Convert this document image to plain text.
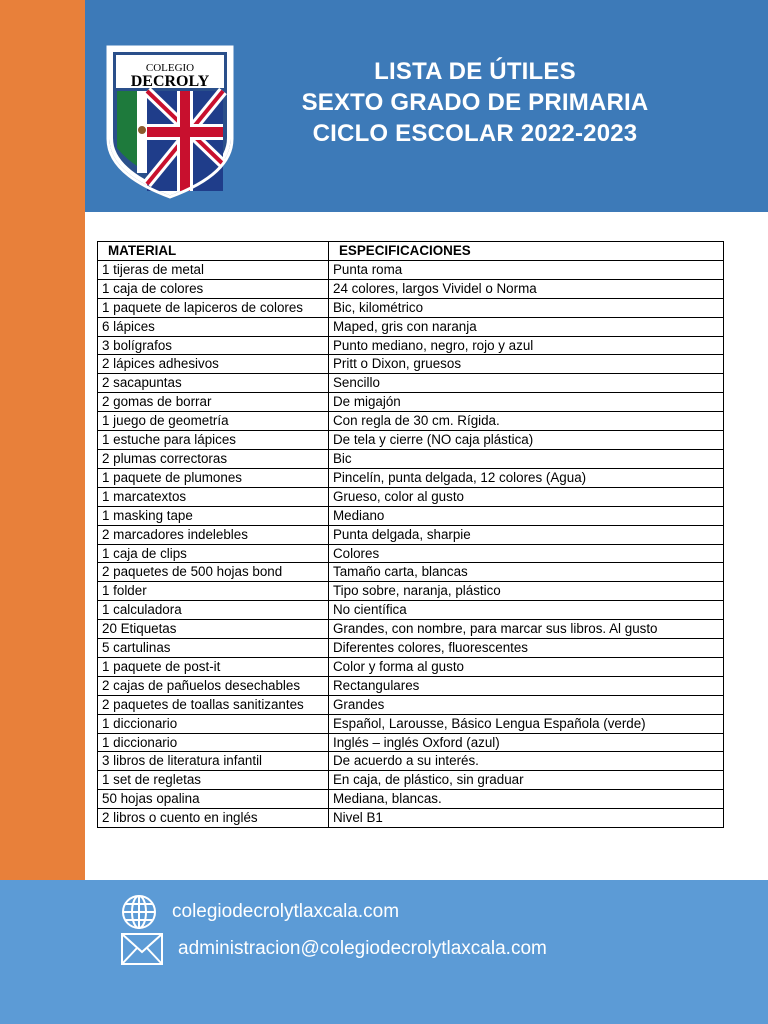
COLEGIO
DECROLY	LISTA DE ÚTILES
SEXTO GRADO DE PRIMARIA
CICLO ESCOLAR 2022-2023
MATERIAL	ESPECIFICACIONES
1 tijeras de metal	Punta roma
1 caja de colores	24 colores, largos Vividel o Norma
1 paquete de lapiceros de colores	Bic, kilométrico
6 lápices	Maped, gris con naranja
3 bolígrafos	Punto mediano, negro, rojo y azul
2 lápices adhesivos	Pritt o Dixon, gruesos
2 sacapuntas	Sencillo
2 gomas de borrar	De migajón
1 juego de geometría	Con regla de 30 cm. Rígida.
1 estuche para lápices	De tela y cierre (NO caja plástica)
2 plumas correctoras	Bic
1 paquete de plumones	Pincelín, punta delgada, 12 colores (Agua)
1 marcatextos	Grueso, color al gusto
1 masking tape	Mediano
2 marcadores indelebles	Punta delgada, sharpie
1 caja de clips	Colores
2 paquetes de 500 hojas bond	Tamaño carta, blancas
1 folder	Tipo sobre, naranja, plástico
1 calculadora	No científica
20 Etiquetas	Grandes, con nombre, para marcar sus libros. Al gusto
5 cartulinas	Diferentes colores, fluorescentes
1 paquete de post-it	Color y forma al gusto
2 cajas de pañuelos desechables	Rectangulares
2 paquetes de toallas sanitizantes	Grandes
1 diccionario	Español, Larousse, Básico Lengua Española (verde)
1 diccionario	Inglés – inglés Oxford (azul)
3 libros de literatura infantil	De acuerdo a su interés.
1 set de regletas	En caja, de plástico, sin graduar
50 hojas opalina	Mediana, blancas.
2 libros o cuento en inglés	Nivel B1
colegiodecrolytlaxcala.com
administracion@colegiodecrolytlaxcala.com
